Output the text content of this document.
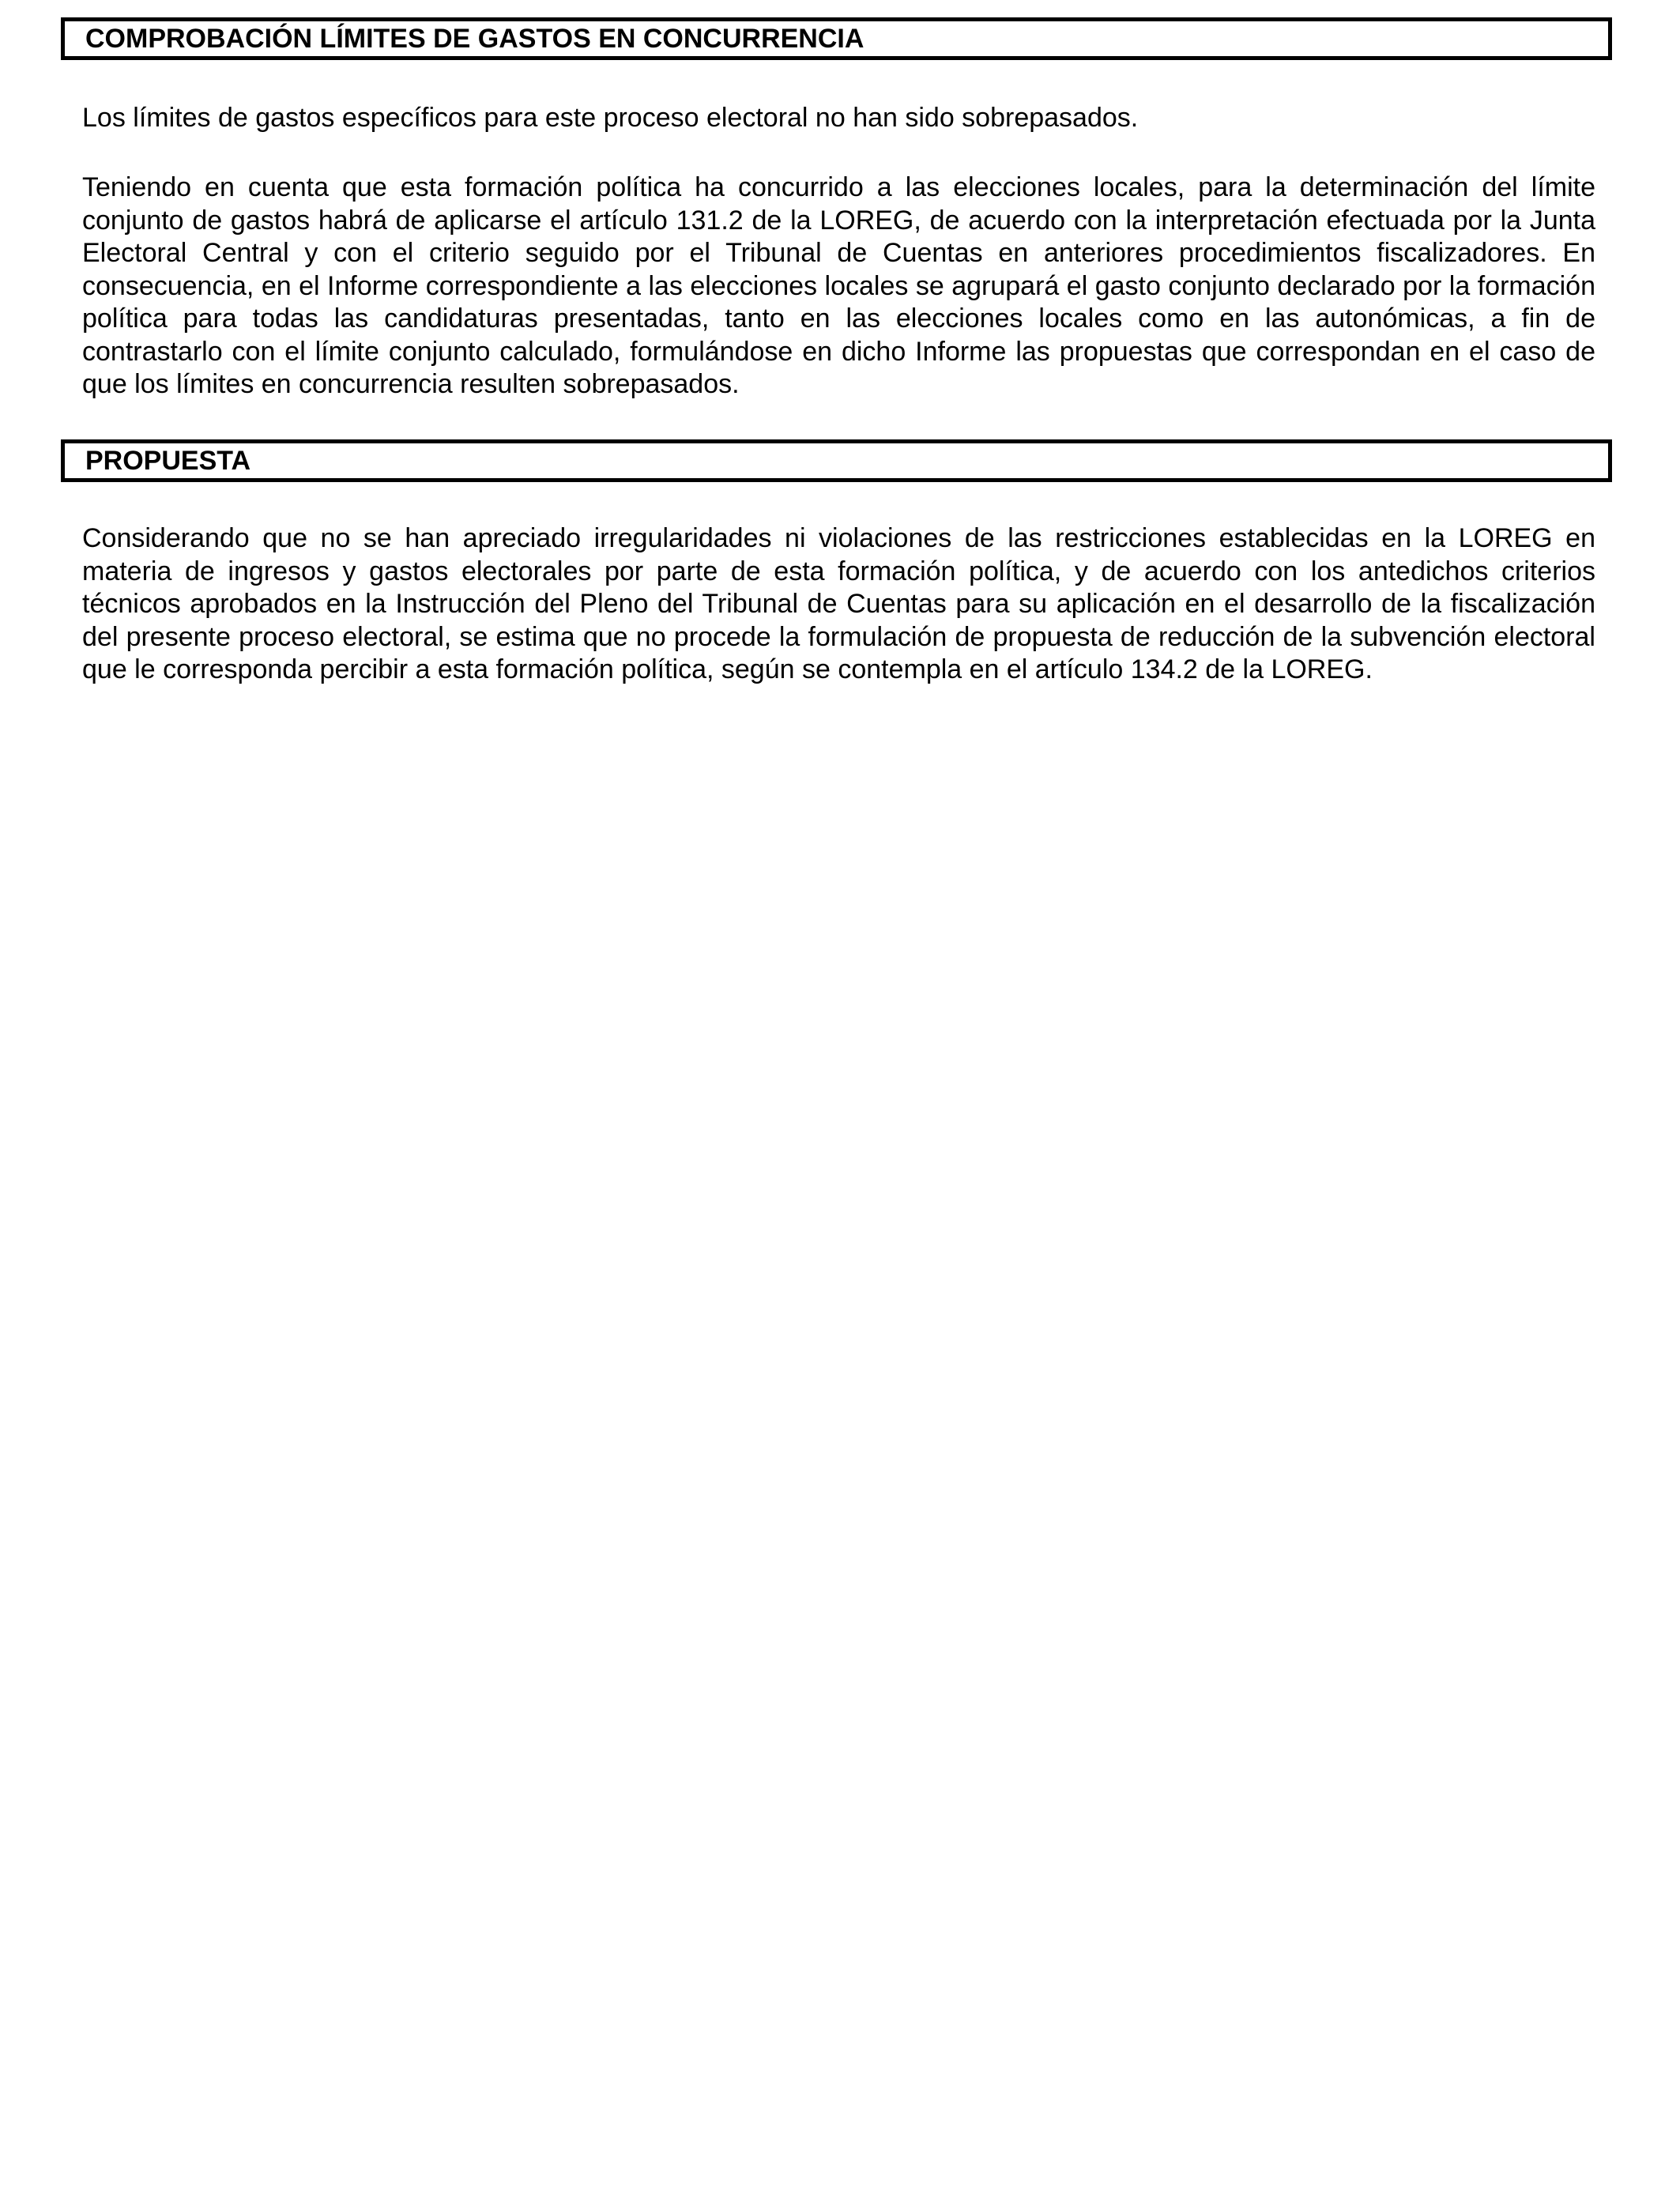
COMPROBACIÓN LÍMITES DE GASTOS EN CONCURRENCIA

Los límites de gastos específicos para este proceso electoral no han sido sobrepasados.

Teniendo en cuenta que esta formación política ha concurrido a las elecciones locales, para la determinación del límite conjunto de gastos habrá de aplicarse el artículo 131.2 de la LOREG, de acuerdo con la interpretación efectuada por la Junta Electoral Central y con el criterio seguido por el Tribunal de Cuentas en anteriores procedimientos fiscalizadores. En consecuencia, en el Informe correspondiente a las elecciones locales se agrupará el gasto conjunto declarado por la formación política para todas las candidaturas presentadas, tanto en las elecciones locales como en las autonómicas, a fin de contrastarlo con el límite conjunto calculado, formulándose en dicho Informe las propuestas que correspondan en el caso de que los límites en concurrencia resulten sobrepasados.

PROPUESTA

Considerando que no se han apreciado irregularidades ni violaciones de las restricciones establecidas en la LOREG en materia de ingresos y gastos electorales por parte de esta formación política, y de acuerdo con los antedichos criterios técnicos aprobados en la Instrucción del Pleno del Tribunal de Cuentas para su aplicación en el desarrollo de la fiscalización del presente proceso electoral, se estima que no procede la formulación de propuesta de reducción de la subvención electoral que le corresponda percibir a esta formación política, según se contempla en el artículo 134.2 de la LOREG.
